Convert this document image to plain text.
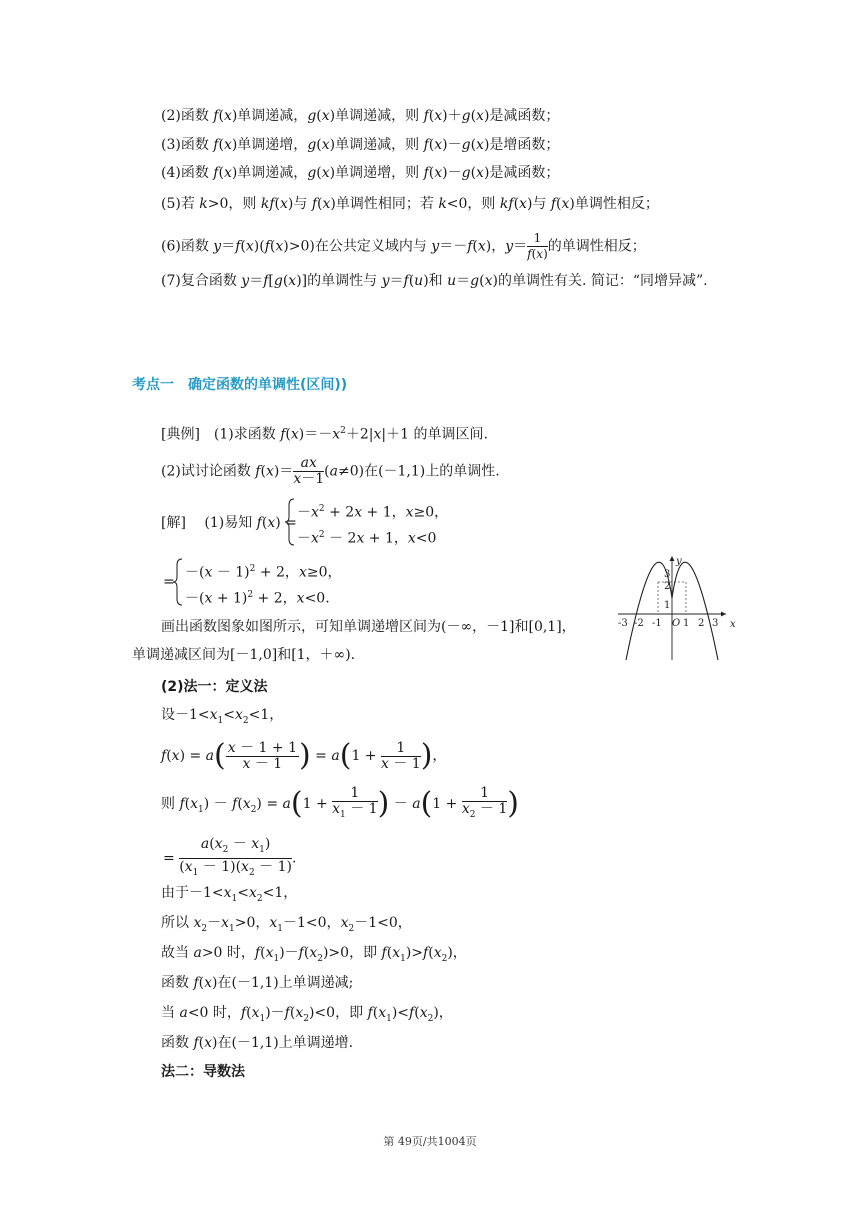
(2)函数 f(x)单调递减，g(x)单调递减，则 f(x)＋g(x)是减函数；
(3)函数 f(x)单调递增，g(x)单调递减，则 f(x)－g(x)是增函数；
(4)函数 f(x)单调递减，g(x)单调递增，则 f(x)－g(x)是减函数；
(5)若 k>0，则 kf(x)与 f(x)单调性相同；若 k<0，则 kf(x)与 f(x)单调性相反；
(6)函数 y＝f(x)(f(x)>0)在公共定义域内与 y＝－f(x)，$y= \frac{1}{f(x)}$ 的单调性相反；
(7)复合函数 y＝f[g(x)]的单调性与 y＝f(u)和 u＝g(x)的单调性有关. 简记：“同增异减”.
考点一　确定函数的单调性(区间))
[典例]　(1)求函数 $f(x)=-x^2+2|x|+1$ 的单调区间.
(2)试讨论函数 $f(x)= \frac{ax}{x-1} (a\ne 0)$在(－1,1)上的单调性.
[解]　 (1)易知 f(x) =
$-x^2 + 2x + 1$，x≥0，
$-x^2 - 2x + 1$，x<0
=
$-(x - 1)^2 + 2$，x≥0，
$-(x + 1)^2 + 2$，x<0.
画出函数图象如图所示，可知单调递增区间为(－∞，－1]和[0,1]，
单调递减区间为[－1,0]和[1，＋∞).
x
y
-3 -2 -1 O 1 2 3
3
2
1
(2)法一：定义法
设$-1<x_1<x_2<1$，
$f(x) = a( \frac{x - 1 + 1}{x - 1}$ ) = $a(1 + \frac{1}{x - 1}$ )，
则 $f(x_1) - f(x_2) = a(1 + \frac{1}{x_1 - 1}$ ) － $a(1 + \frac{1}{x_2 - 1}$ )
= $\frac{a(x_2 - x_1)}{(x_1 - 1)(x_2 - 1)}$ .
由于$-1<x_1<x_2<1$，
所以 $x_2-x_1>0$，$x_1-1<0$，$x_2-1<0$，
故当 a>0 时，$f(x_1)-f(x_2)>0$，即 $f(x_1)>f(x_2)$，
函数 f(x)在(－1,1)上单调递减;
当 a<0 时，$f(x_1)-f(x_2)<0$，即 $f(x_1)<f(x_2)$，
函数 f(x)在(－1,1)上单调递增.
法二：导数法
第 49页/共1004页
